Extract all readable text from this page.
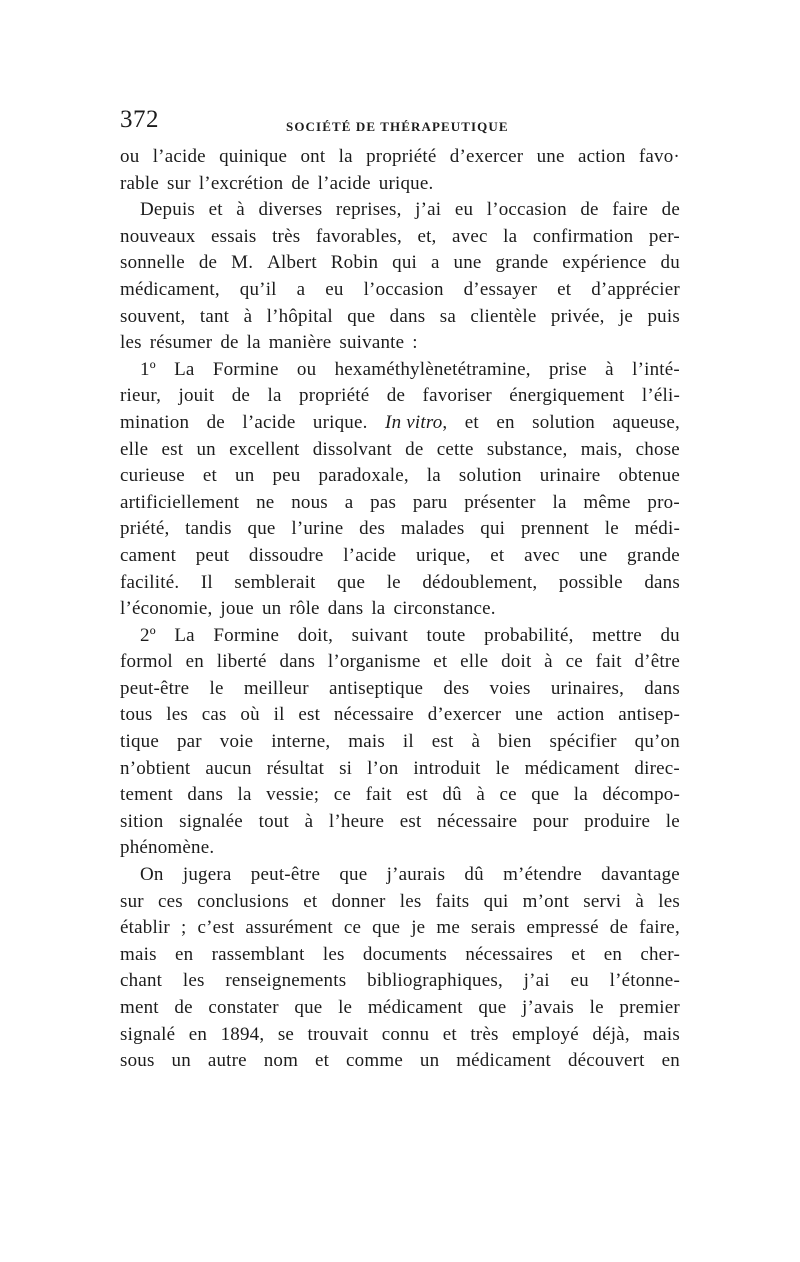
372	SOCIÉTÉ DE THÉRAPEUTIQUE
ou l’acide quinique ont la propriété d’exercer une action favo·
rable sur l’excrétion de l’acide urique.
Depuis et à diverses reprises, j’ai eu l’occasion de faire de
nouveaux essais très favorables, et, avec la confirmation per-
sonnelle de M. Albert Robin qui a une grande expérience du
médicament, qu’il a eu l’occasion d’essayer et d’apprécier
souvent, tant à l’hôpital que dans sa clientèle privée, je puis
les résumer de la manière suivante :
1º La Formine ou hexaméthylènetétramine, prise à l’inté-
rieur, jouit de la propriété de favoriser énergiquement l’éli-
mination de l’acide urique. In vitro, et en solution aqueuse,
elle est un excellent dissolvant de cette substance, mais, chose
curieuse et un peu paradoxale, la solution urinaire obtenue
artificiellement ne nous a pas paru présenter la même pro-
priété, tandis que l’urine des malades qui prennent le médi-
cament peut dissoudre l’acide urique, et avec une grande
facilité. Il semblerait que le dédoublement, possible dans
l’économie, joue un rôle dans la circonstance.
2º La Formine doit, suivant toute probabilité, mettre du
formol en liberté dans l’organisme et elle doit à ce fait d’être
peut-être le meilleur antiseptique des voies urinaires, dans
tous les cas où il est nécessaire d’exercer une action antisep-
tique par voie interne, mais il est à bien spécifier qu’on
n’obtient aucun résultat si l’on introduit le médicament direc-
tement dans la vessie; ce fait est dû à ce que la décompo-
sition signalée tout à l’heure est nécessaire pour produire le
phénomène.
On jugera peut-être que j’aurais dû m’étendre davantage
sur ces conclusions et donner les faits qui m’ont servi à les
établir ; c’est assurément ce que je me serais empressé de faire,
mais en rassemblant les documents nécessaires et en cher-
chant les renseignements bibliographiques, j’ai eu l’étonne-
ment de constater que le médicament que j’avais le premier
signalé en 1894, se trouvait connu et très employé déjà, mais
sous un autre nom et comme un médicament découvert en
